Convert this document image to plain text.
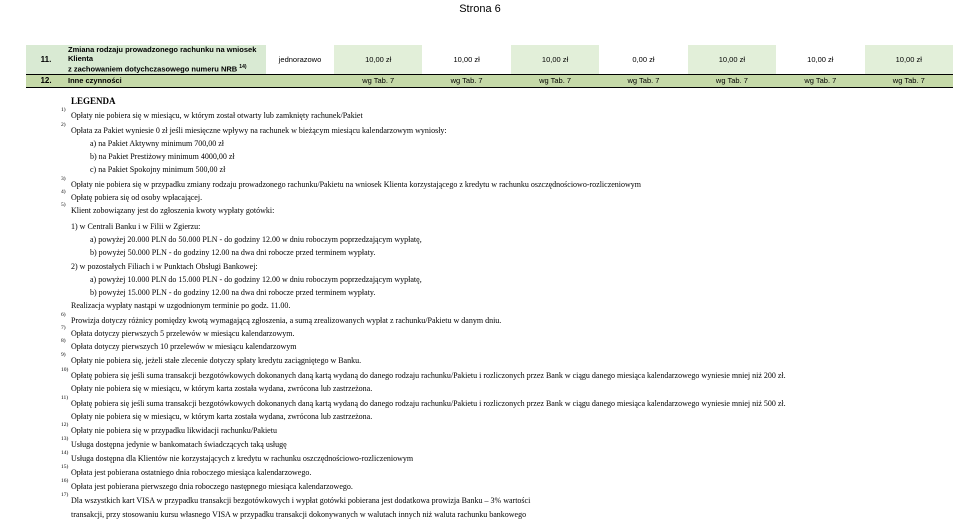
Strona 6
11.	Zmiana rodzaju prowadzonego rachunku na wniosek Klienta
z zachowaniem dotychczasowego numeru NRB $^{14)}$	jednorazowo	10,00 zł	10,00 zł	10,00 zł	0,00 zł	10,00 zł	10,00 zł	10,00 zł
12.	Inne czynności		wg Tab. 7	wg Tab. 7	wg Tab. 7	wg Tab. 7	wg Tab. 7	wg Tab. 7	wg Tab. 7
LEGENDA
1)
Opłaty nie pobiera się w miesiącu, w którym został otwarty lub zamknięty rachunek/Pakiet
2)
Opłata za Pakiet wyniesie 0 zł jeśli miesięczne wpływy na rachunek w bieżącym miesiącu kalendarzowym wyniosły:
a) na Pakiet Aktywny minimum 700,00 zł
b) na Pakiet Prestiżowy minimum 4000,00 zł
c) na Pakiet Spokojny minimum 500,00 zł
3)
Opłaty nie pobiera się w przypadku zmiany rodzaju prowadzonego rachunku/Pakietu na wniosek Klienta korzystającego z kredytu w rachunku oszczędnościowo-rozliczeniowym
4)
Opłatę pobiera się od osoby wpłacającej.
5)
Klient zobowiązany jest do zgłoszenia kwoty wypłaty gotówki:
1) w Centrali Banku i w Filii w Zgierzu:
a) powyżej 20.000 PLN do 50.000 PLN - do godziny 12.00 w dniu roboczym poprzedzającym wypłatę,
b) powyżej 50.000 PLN - do godziny 12.00 na dwa dni robocze przed terminem wypłaty.
2) w pozostałych Filiach i w Punktach Obsługi Bankowej:
a) powyżej 10.000 PLN do 15.000 PLN - do godziny 12.00 w dniu roboczym poprzedzającym wypłatę,
b) powyżej 15.000 PLN - do godziny 12.00 na dwa dni robocze przed terminem wypłaty.
Realizacja wypłaty nastąpi w uzgodnionym terminie po godz. 11.00.
6)
Prowizja dotyczy różnicy pomiędzy kwotą wymagającą zgłoszenia, a sumą zrealizowanych wypłat z rachunku/Pakietu w danym dniu.
7)
Opłata dotyczy pierwszych 5 przelewów w miesiącu kalendarzowym.
8)
Opłata dotyczy pierwszych 10 przelewów w miesiącu kalendarzowym
9)
Opłaty nie pobiera się, jeżeli stałe zlecenie dotyczy spłaty kredytu zaciągniętego w Banku.
10)
Opłatę pobiera się jeśli suma transakcji bezgotówkowych dokonanych daną kartą wydaną do danego rodzaju rachunku/Pakietu i rozliczonych przez Bank w ciągu danego miesiąca kalendarzowego wyniesie mniej niż 200 zł.
Opłaty nie pobiera się w miesiącu, w którym karta została wydana, zwrócona lub zastrzeżona.
11)
Opłatę pobiera się jeśli suma transakcji bezgotówkowych dokonanych daną kartą wydaną do danego rodzaju rachunku/Pakietu i rozliczonych przez Bank w ciągu danego miesiąca kalendarzowego wyniesie mniej niż 500 zł.
Opłaty nie pobiera się w miesiącu, w którym karta została wydana, zwrócona lub zastrzeżona.
12)
Opłaty nie pobiera się w przypadku likwidacji rachunku/Pakietu
13)
Usługa dostępna jedynie w bankomatach świadczących taką usługę
14)
Usługa dostępna dla Klientów nie korzystających z kredytu w rachunku oszczędnościowo-rozliczeniowym
15)
Opłata jest pobierana ostatniego dnia roboczego miesiąca kalendarzowego.
16)
Opłata jest pobierana pierwszego dnia roboczego następnego miesiąca kalendarzowego.
17)
Dla wszystkich kart VISA w przypadku transakcji bezgotówkowych i wypłat gotówki pobierana jest dodatkowa prowizja Banku – 3% wartości
transakcji, przy stosowaniu kursu własnego VISA w przypadku transakcji dokonywanych w walutach innych niż waluta rachunku bankowego
